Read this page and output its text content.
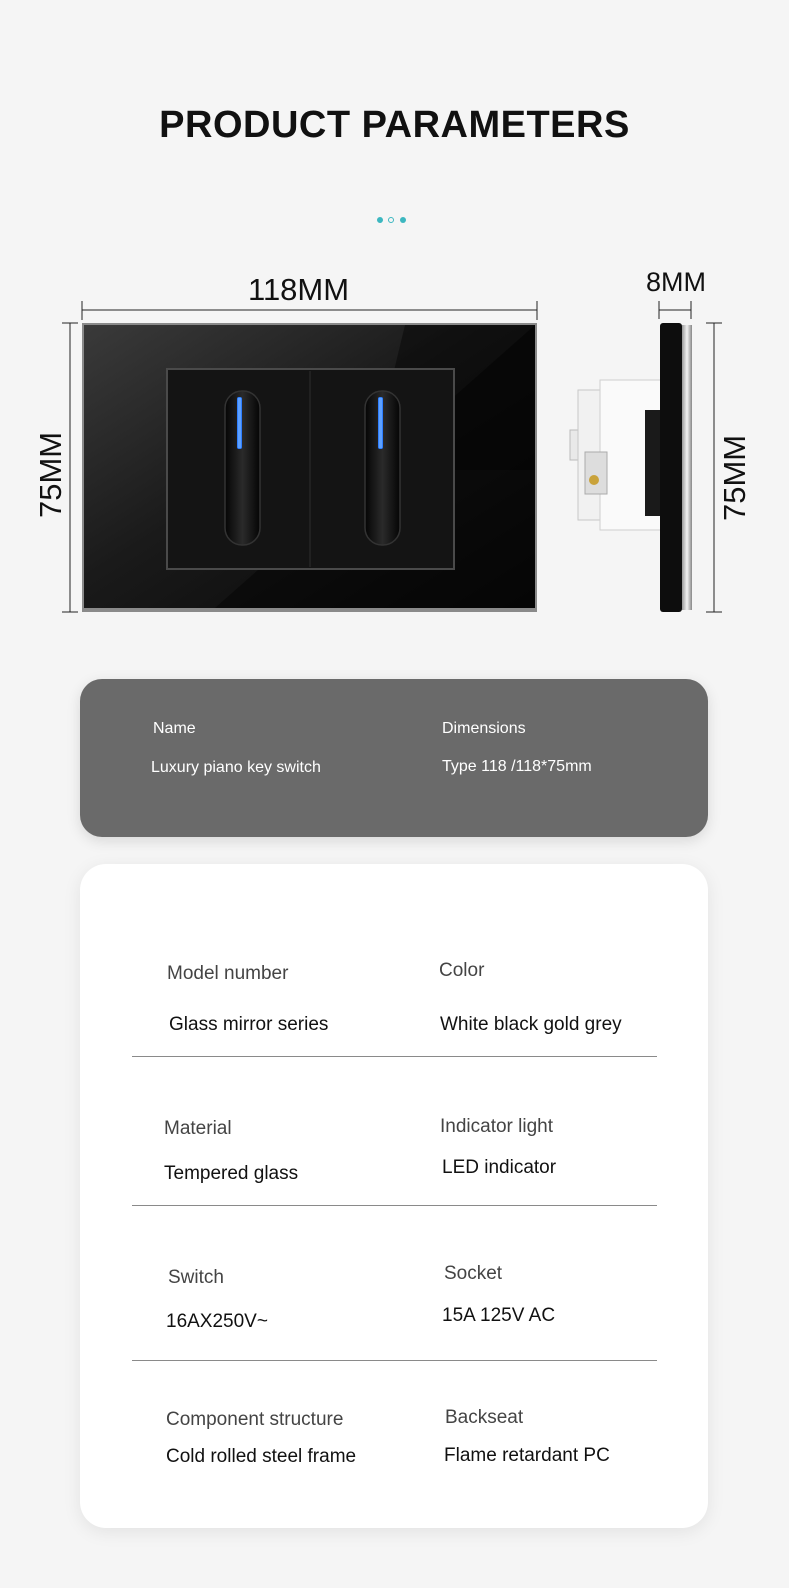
PRODUCT PARAMETERS
118MM	8MM
75MM	75MM
Name
Luxury piano key switch
Dimensions
Type 118 /118*75mm
Model number
Glass mirror series
Color
White black gold grey
Material
Tempered glass
Indicator light
LED indicator
Switch
16AX250V~
Socket
15A 125V AC
Component structure
Cold rolled steel frame
Backseat
Flame retardant PC
